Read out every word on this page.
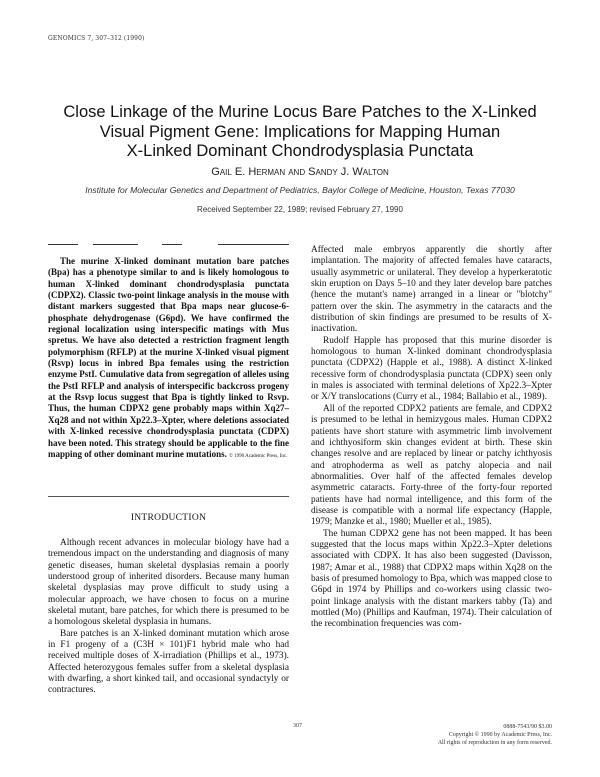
GENOMICS 7, 307–312 (1990)
Close Linkage of the Murine Locus Bare Patches to the X-Linked
Visual Pigment Gene: Implications for Mapping Human
X-Linked Dominant Chondrodysplasia Punctata
Gail E. Herman and Sandy J. Walton
Institute for Molecular Genetics and Department of Pediatrics, Baylor College of Medicine, Houston, Texas 77030
Received September 22, 1989; revised February 27, 1990

The murine X-linked dominant mutation bare patches (Bpa) has a phenotype similar to and is likely homologous to human X-linked dominant chondrodysplasia punctata (CDPX2). Classic two-point linkage analysis in the mouse with distant markers suggested that Bpa maps near glucose-6-phosphate dehydrogenase (G6pd). We have confirmed the regional localization using interspecific matings with Mus spretus. We have also detected a restriction fragment length polymorphism (RFLP) at the murine X-linked visual pigment (Rsvp) locus in inbred Bpa females using the restriction enzyme PstI. Cumulative data from segregation of alleles using the PstI RFLP and analysis of interspecific backcross progeny at the Rsvp locus suggest that Bpa is tightly linked to Rsvp. Thus, the human CDPX2 gene probably maps within Xq27–Xq28 and not within Xp22.3–Xpter, where deletions associated with X-linked recessive chondrodysplasia punctata (CDPX) have been noted. This strategy should be applicable to the fine mapping of other dominant murine mutations. © 1990 Academic Press, Inc.

INTRODUCTION

Although recent advances in molecular biology have had a tremendous impact on the understanding and diagnosis of many genetic diseases, human skeletal dysplasias remain a poorly understood group of inherited disorders. Because many human skeletal dysplasias may prove difficult to study using a molecular approach, we have chosen to focus on a murine skeletal mutant, bare patches, for which there is presumed to be a homologous skeletal dysplasia in humans.

Bare patches is an X-linked dominant mutation which arose in F1 progeny of a (C3H × 101)F1 hybrid male who had received multiple doses of X-irradiation (Phillips et al., 1973). Affected heterozygous females suffer from a skeletal dysplasia with dwarfing, a short kinked tail, and occasional syndactyly or contractures.

Affected male embryos apparently die shortly after implantation. The majority of affected females have cataracts, usually asymmetric or unilateral. They develop a hyperkeratotic skin eruption on Days 5–10 and they later develop bare patches (hence the mutant's name) arranged in a linear or "blotchy" pattern over the skin. The asymmetry in the cataracts and the distribution of skin findings are presumed to be results of X-inactivation.

Rudolf Happle has proposed that this murine disorder is homologous to human X-linked dominant chondrodysplasia punctata (CDPX2) (Happle et al., 1988). A distinct X-linked recessive form of chondrodysplasia punctata (CDPX) seen only in males is associated with terminal deletions of Xp22.3–Xpter or X/Y translocations (Curry et al., 1984; Ballabio et al., 1989).

All of the reported CDPX2 patients are female, and CDPX2 is presumed to be lethal in hemizygous males. Human CDPX2 patients have short stature with asymmetric limb involvement and ichthyosiform skin changes evident at birth. These skin changes resolve and are replaced by linear or patchy ichthyosis and atrophoderma as well as patchy alopecia and nail abnormalities. Over half of the affected females develop asymmetric cataracts. Forty-three of the forty-four reported patients have had normal intelligence, and this form of the disease is compatible with a normal life expectancy (Happle, 1979; Manzke et al., 1980; Mueller et al., 1985).

The human CDPX2 gene has not been mapped. It has been suggested that the locus maps within Xp22.3–Xpter deletions associated with CDPX. It has also been suggested (Davisson, 1987; Amar et al., 1988) that CDPX2 maps within Xq28 on the basis of presumed homology to Bpa, which was mapped close to G6pd in 1974 by Phillips and co-workers using classic two-point linkage analysis with the distant markers tabby (Ta) and mottled (Mo) (Phillips and Kaufman, 1974). Their calculation of the recombination frequencies was com-

307	0888-7543/90 $3.00
Copyright © 1990 by Academic Press, Inc.
All rights of reproduction in any form reserved.
